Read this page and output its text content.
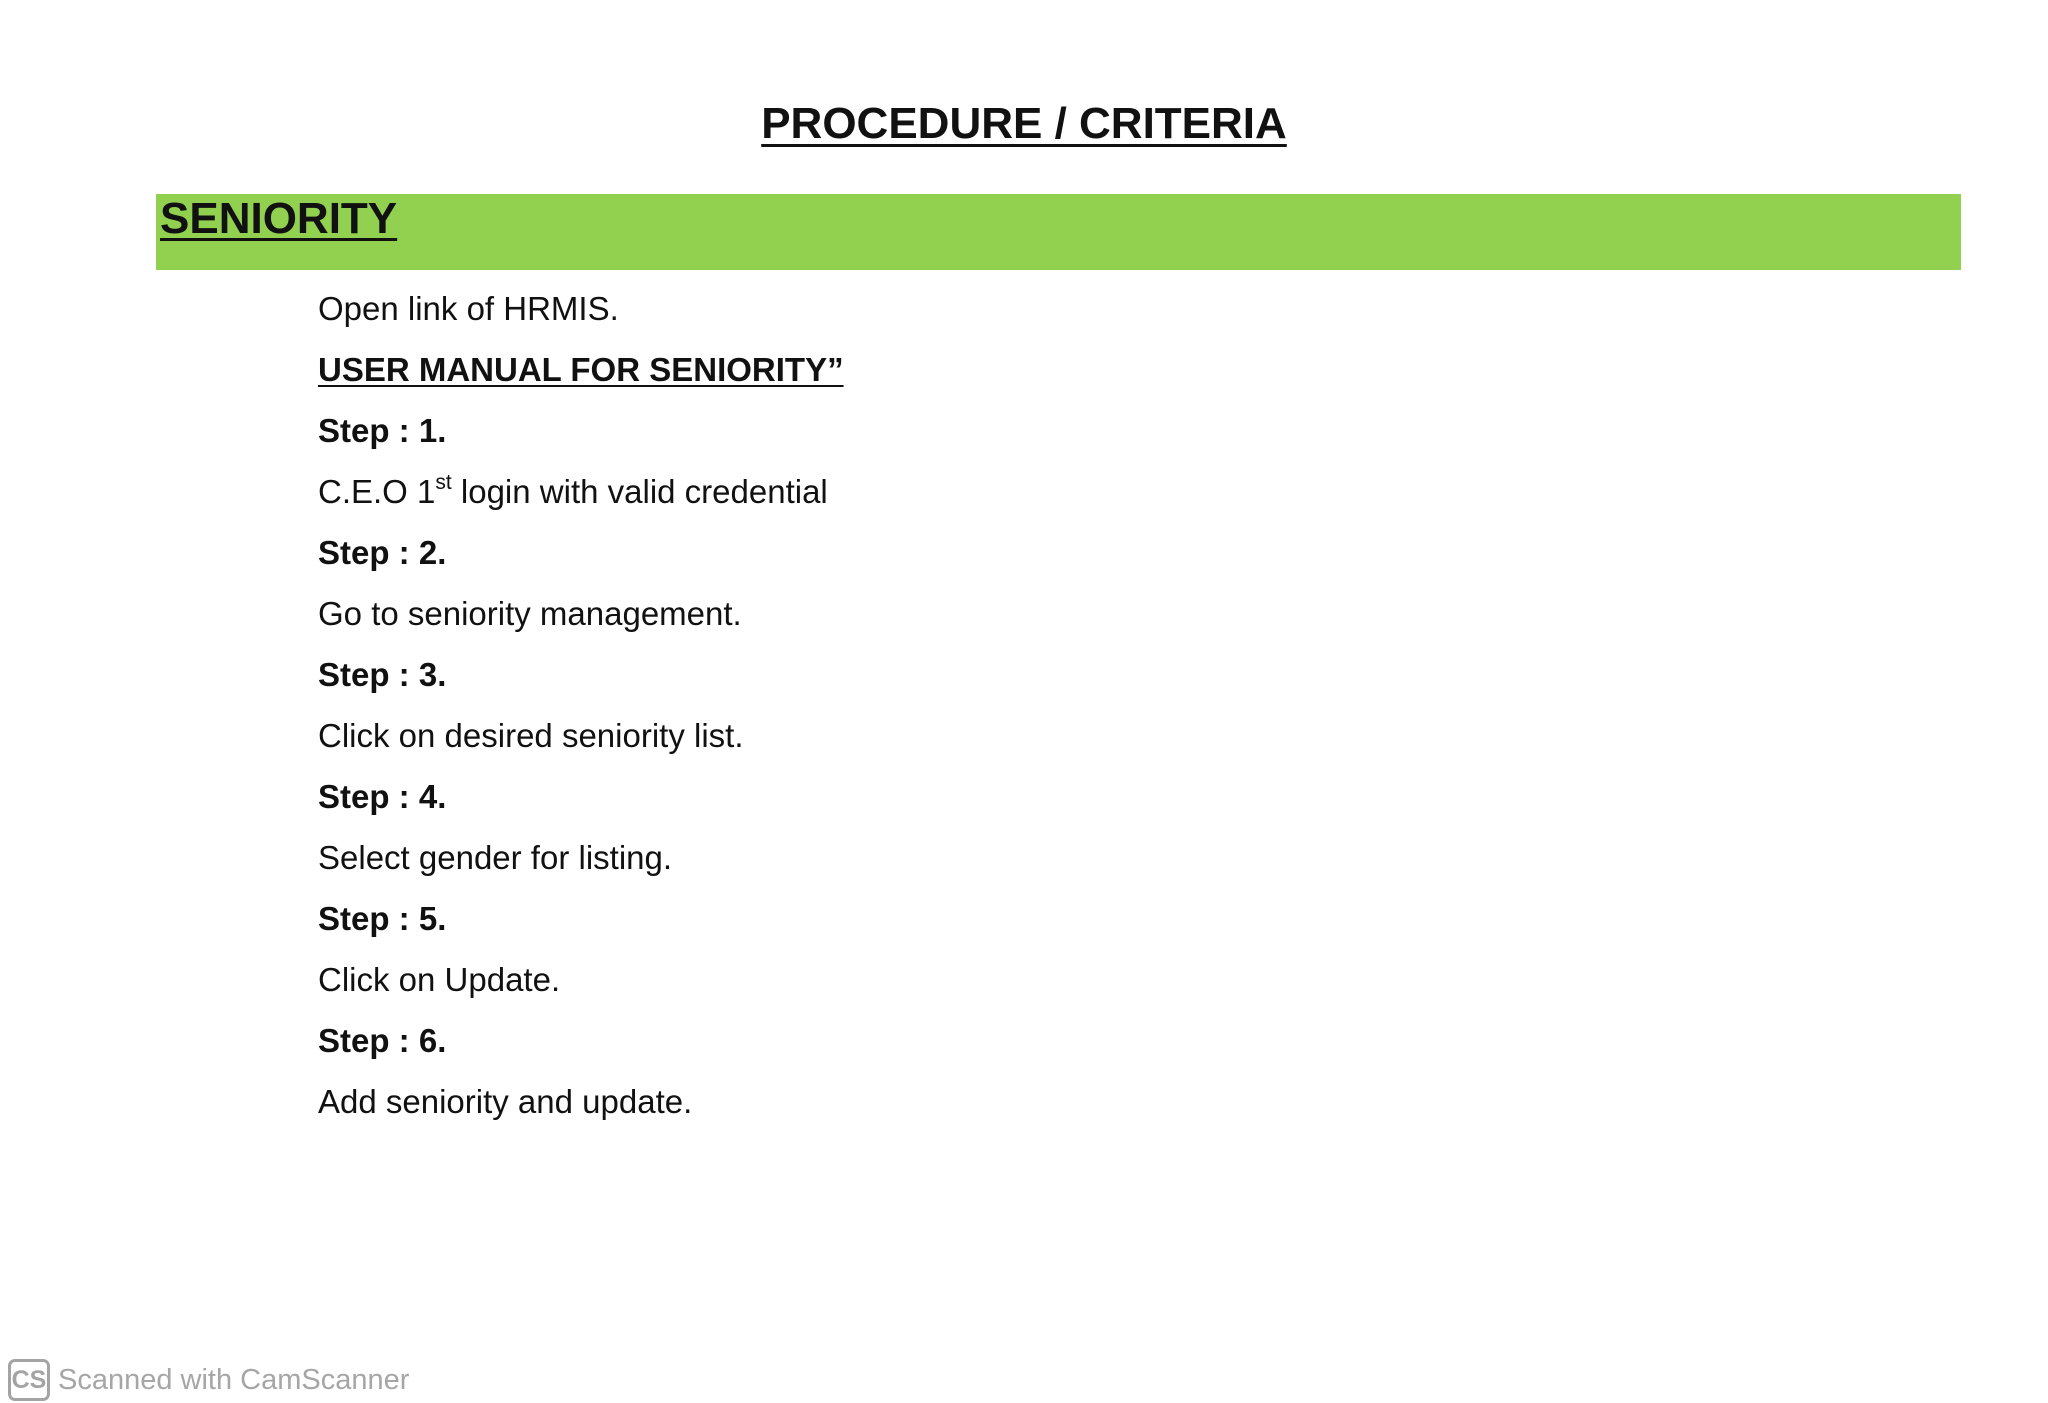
PROCEDURE / CRITERIA
SENIORITY
Open link of HRMIS.
USER MANUAL FOR SENIORITY”
Step : 1.
C.E.O 1st login with valid credential
Step : 2.
Go to seniority management.
Step : 3.
Click on desired seniority list.
Step : 4.
Select gender for listing.
Step : 5.
Click on Update.
Step : 6.
Add seniority and update.
CS Scanned with CamScanner
